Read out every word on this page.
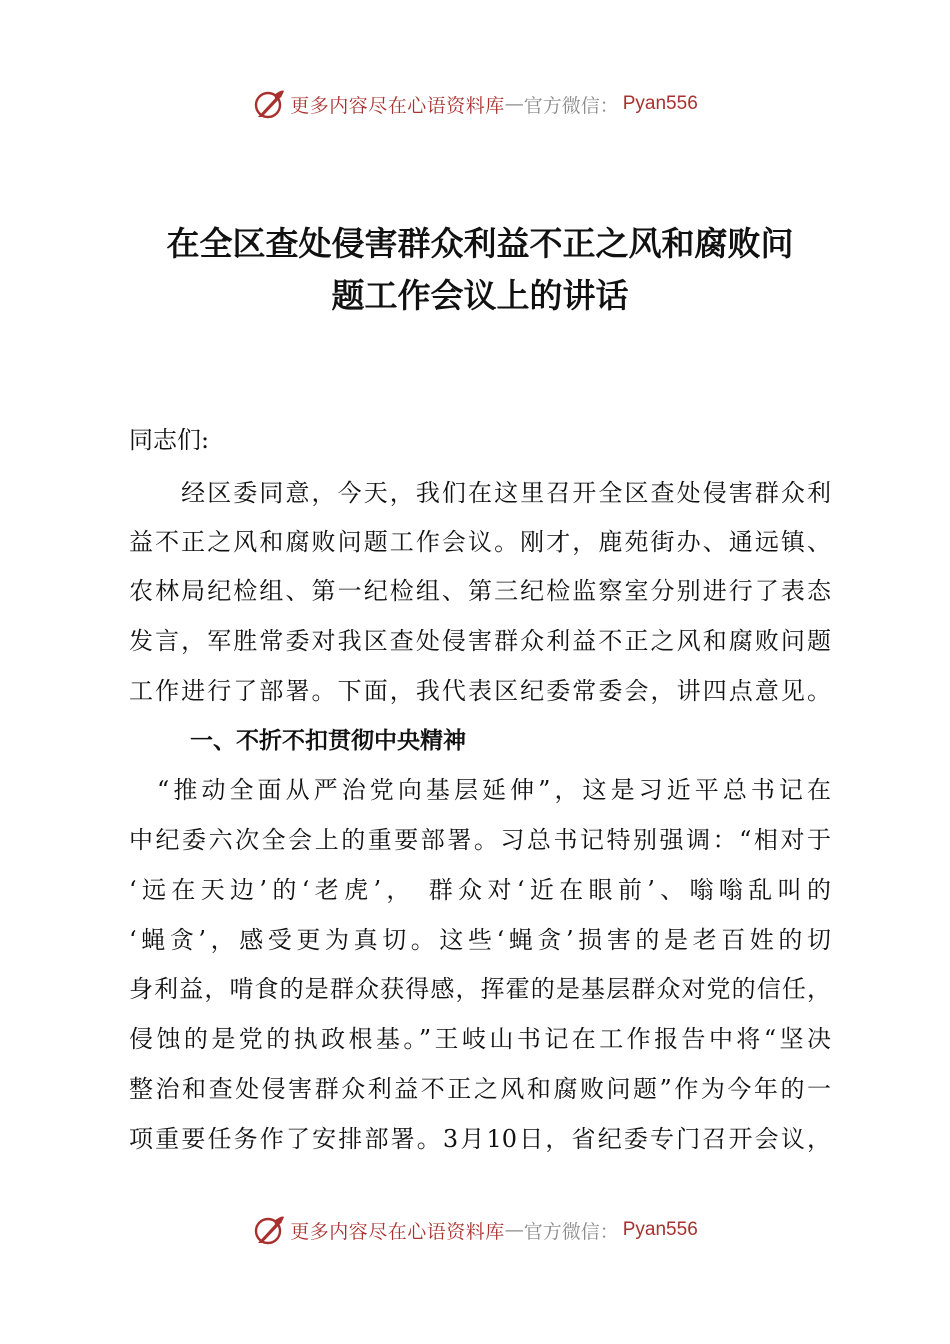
更多内容尽在心语资料库 — 官方微信： Pyan556
在全区查处侵害群众利益不正之风和腐败问
题工作会议上的讲话
同志们:
　　经区委同意，今天，我们在这里召开全区查处侵害群众利
益不正之风和腐败问题工作会议。刚才，鹿苑街办、通远镇、
农林局纪检组、第一纪检组、第三纪检监察室分别进行了表态
发言，军胜常委对我区查处侵害群众利益不正之风和腐败问题
工作进行了部署。下面，我代表区纪委常委会，讲四点意见。
一、不折不扣贯彻中央精神
　“推动全面从严治党向基层延伸”，这是习近平总书记在
中纪委六次全会上的重要部署。习总书记特别强调：“相对于
‘远在天边’的‘老虎’， 群众对‘近在眼前’、嗡嗡乱叫的
‘蝇贪’，感受更为真切。这些‘蝇贪’损害的是老百姓的切
身利益，啃食的是群众获得感，挥霍的是基层群众对党的信任，
侵蚀的是党的执政根基。”王岐山书记在工作报告中将“坚决
整治和查处侵害群众利益不正之风和腐败问题”作为今年的一
项重要任务作了安排部署。3月10日，省纪委专门召开会议，
更多内容尽在心语资料库 — 官方微信： Pyan556
